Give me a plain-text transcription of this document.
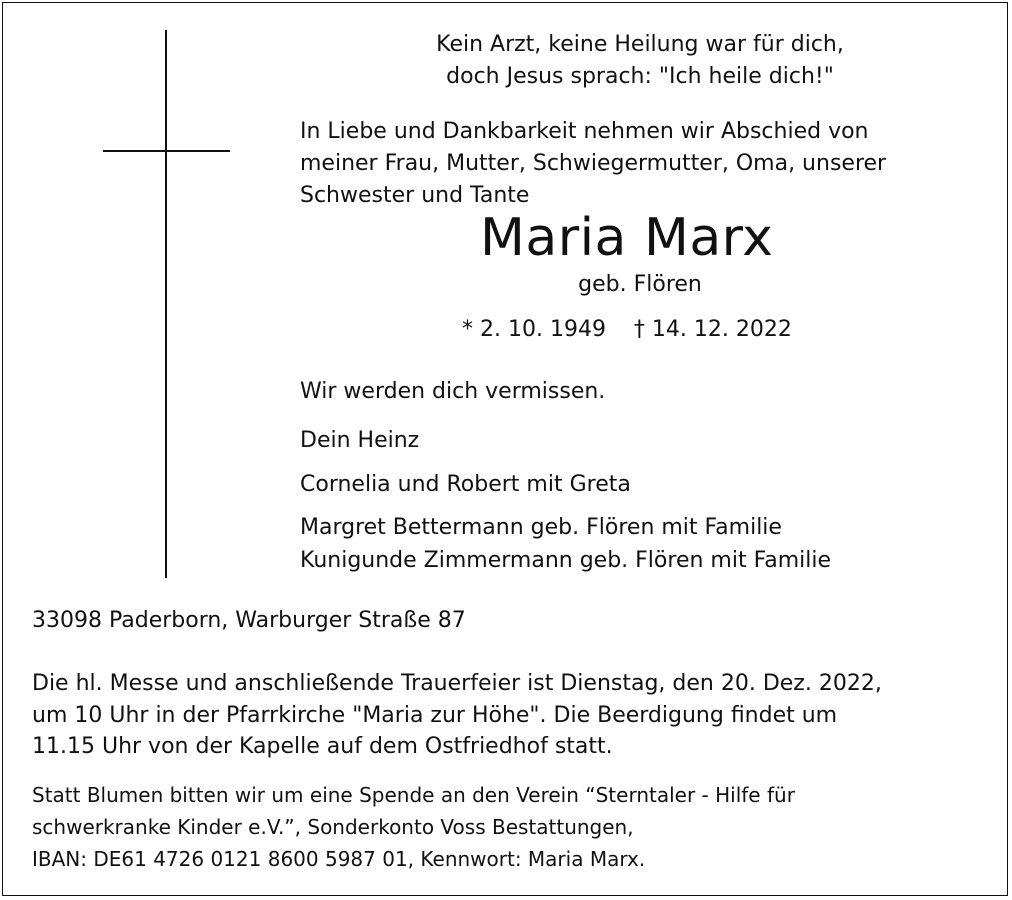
Kein Arzt, keine Heilung war für dich,
doch Jesus sprach: "Ich heile dich!"
In Liebe und Dankbarkeit nehmen wir Abschied von
meiner Frau, Mutter, Schwiegermutter, Oma, unserer
Schwester und Tante
Maria Marx
geb. Flören
* 2. 10. 1949    † 14. 12. 2022
Wir werden dich vermissen.
Dein Heinz
Cornelia und Robert mit Greta
Margret Bettermann geb. Flören mit Familie
Kunigunde Zimmermann geb. Flören mit Familie
33098 Paderborn, Warburger Straße 87
Die hl. Messe und anschließende Trauerfeier ist Dienstag, den 20. Dez. 2022,
um 10 Uhr in der Pfarrkirche "Maria zur Höhe". Die Beerdigung findet um
11.15 Uhr von der Kapelle auf dem Ostfriedhof statt.
Statt Blumen bitten wir um eine Spende an den Verein “Sterntaler - Hilfe für
schwerkranke Kinder e.V.”, Sonderkonto Voss Bestattungen,
IBAN: DE61 4726 0121 8600 5987 01, Kennwort: Maria Marx.
